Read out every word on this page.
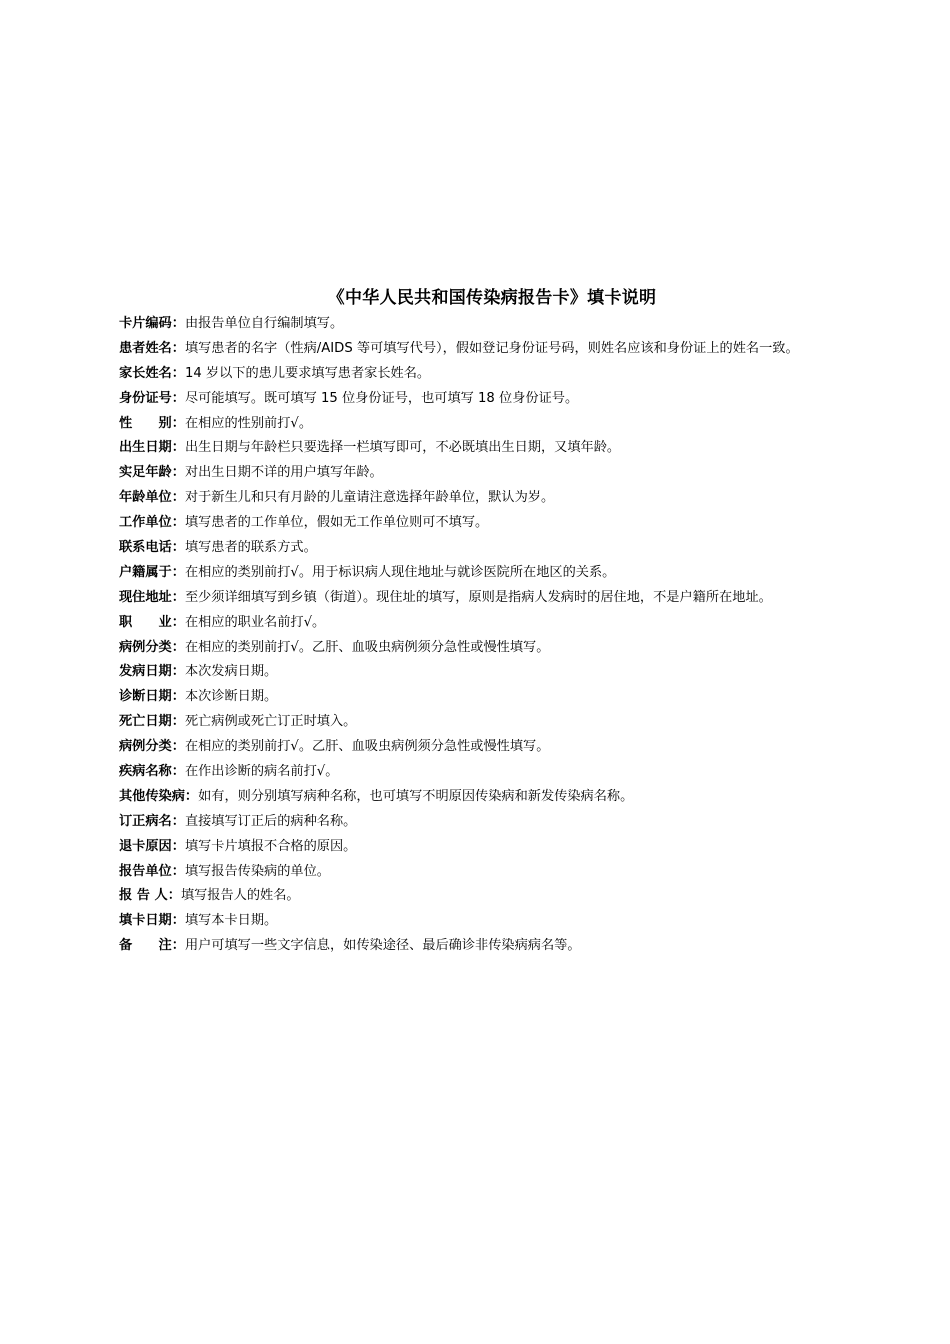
《中华人民共和国传染病报告卡》填卡说明
卡片编码：由报告单位自行编制填写。
患者姓名：填写患者的名字（性病/AIDS 等可填写代号），假如登记身份证号码，则姓名应该和身份证上的姓名一致。
家长姓名：14 岁以下的患儿要求填写患者家长姓名。
身份证号：尽可能填写。既可填写 15 位身份证号，也可填写 18 位身份证号。
性　　别：在相应的性别前打√。
出生日期：出生日期与年龄栏只要选择一栏填写即可，不必既填出生日期，又填年龄。
实足年龄：对出生日期不详的用户填写年龄。
年龄单位：对于新生儿和只有月龄的儿童请注意选择年龄单位，默认为岁。
工作单位：填写患者的工作单位，假如无工作单位则可不填写。
联系电话：填写患者的联系方式。
户籍属于：在相应的类别前打√。用于标识病人现住地址与就诊医院所在地区的关系。
现住地址：至少须详细填写到乡镇（街道）。现住址的填写，原则是指病人发病时的居住地，不是户籍所在地址。
职　　业：在相应的职业名前打√。
病例分类：在相应的类别前打√。乙肝、血吸虫病例须分急性或慢性填写。
发病日期：本次发病日期。
诊断日期：本次诊断日期。
死亡日期：死亡病例或死亡订正时填入。
病例分类：在相应的类别前打√。乙肝、血吸虫病例须分急性或慢性填写。
疾病名称：在作出诊断的病名前打√。
其他传染病：如有，则分别填写病种名称，也可填写不明原因传染病和新发传染病名称。
订正病名：直接填写订正后的病种名称。
退卡原因：填写卡片填报不合格的原因。
报告单位：填写报告传染病的单位。
报 告 人：填写报告人的姓名。
填卡日期：填写本卡日期。
备　　注：用户可填写一些文字信息，如传染途径、最后确诊非传染病病名等。
